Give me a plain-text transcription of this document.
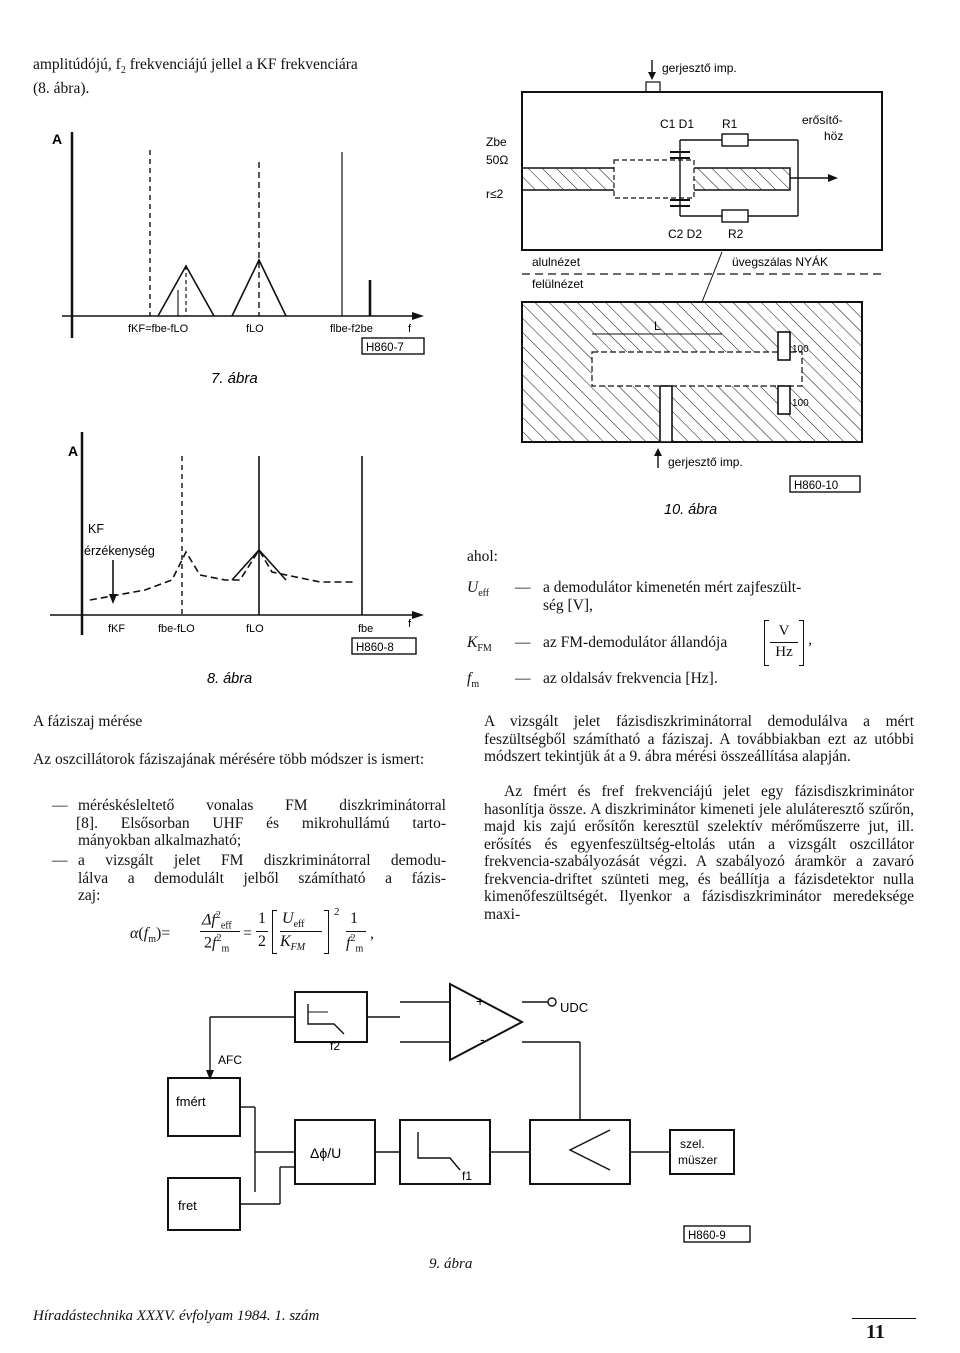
amplitúdójú, $f_2$ frekvenciájú jellel a KF frekvenciára
(8. ábra).
A
fKF=fbe-fLO	fLO	flbe-f2be	f
H860-7
7. ábra
A
KF
érzékenység
fKF	fbe-fLO	fLO	fbe	f
H860-8
8. ábra
gerjesztő imp.
Zbe
50Ω
r≤2
C1 D1 R1	erősítő-
höz
C2 D2 R2
alulnézet	üvegszálas NYÁK
felülnézet
L
100
100
gerjesztő imp.
H860-10
10. ábra
ahol:
$U_{eff}$ — a demodulátor kimenetén mért zajfeszült-
ség [V],
$K_{FM}$ — az FM-demodulátor állandója
V
Hz
,
$f_m$ — az oldalsáv frekvencia [Hz].
A fáziszaj mérése
Az oszcillátorok fáziszajának mérésére több módszer is ismert:
— méréskésleltető vonalas FM diszkriminátorral
[8]. Elsősorban UHF és mikrohullámú tarto-
mányokban alkalmazható;
— a vizsgált jelet FM diszkriminátorral demodu-
lálva a demodulált jelből számítható a fázis-
zaj:
$\alpha(f_m)=$
$\Delta f^2_{eff}$
$2f^2_m$
=
1
2
$U_{eff}$
$K_{FM}$
2 1
$f^2_m$
,
A vizsgált jelet fázisdiszkriminátorral demodulálva a mért feszültségből számítható a fáziszaj. A továbbiakban ezt az utóbbi módszert tekintjük át a 9. ábra mérési összeállítása alapján.
Az fmért és fref frekvenciájú jelet egy fázisdiszkriminátor hasonlítja össze. A diszkriminátor kimeneti jele aluláteresztő szűrőn, majd kis zajú erősítőn keresztül szelektív mérőműszerre jut, ill. erősítés és egyenfeszültség-eltolás után a vizsgált oszcillátor frekvencia-szabályozását végzi. A szabályozó áramkör a zavaró frekvencia-driftet szünteti meg, és beállítja a fázisdetektor nulla kimenőfeszültségét. Ilyenkor a fázisdiszkriminátor meredeksége maxi-
f2
+
-
UDC
AFC
fmért
Δϕ/U
f1
szel.
müszer
fret
H860-9
9. ábra
Híradástechnika XXXV. évfolyam 1984. 1. szám
11
